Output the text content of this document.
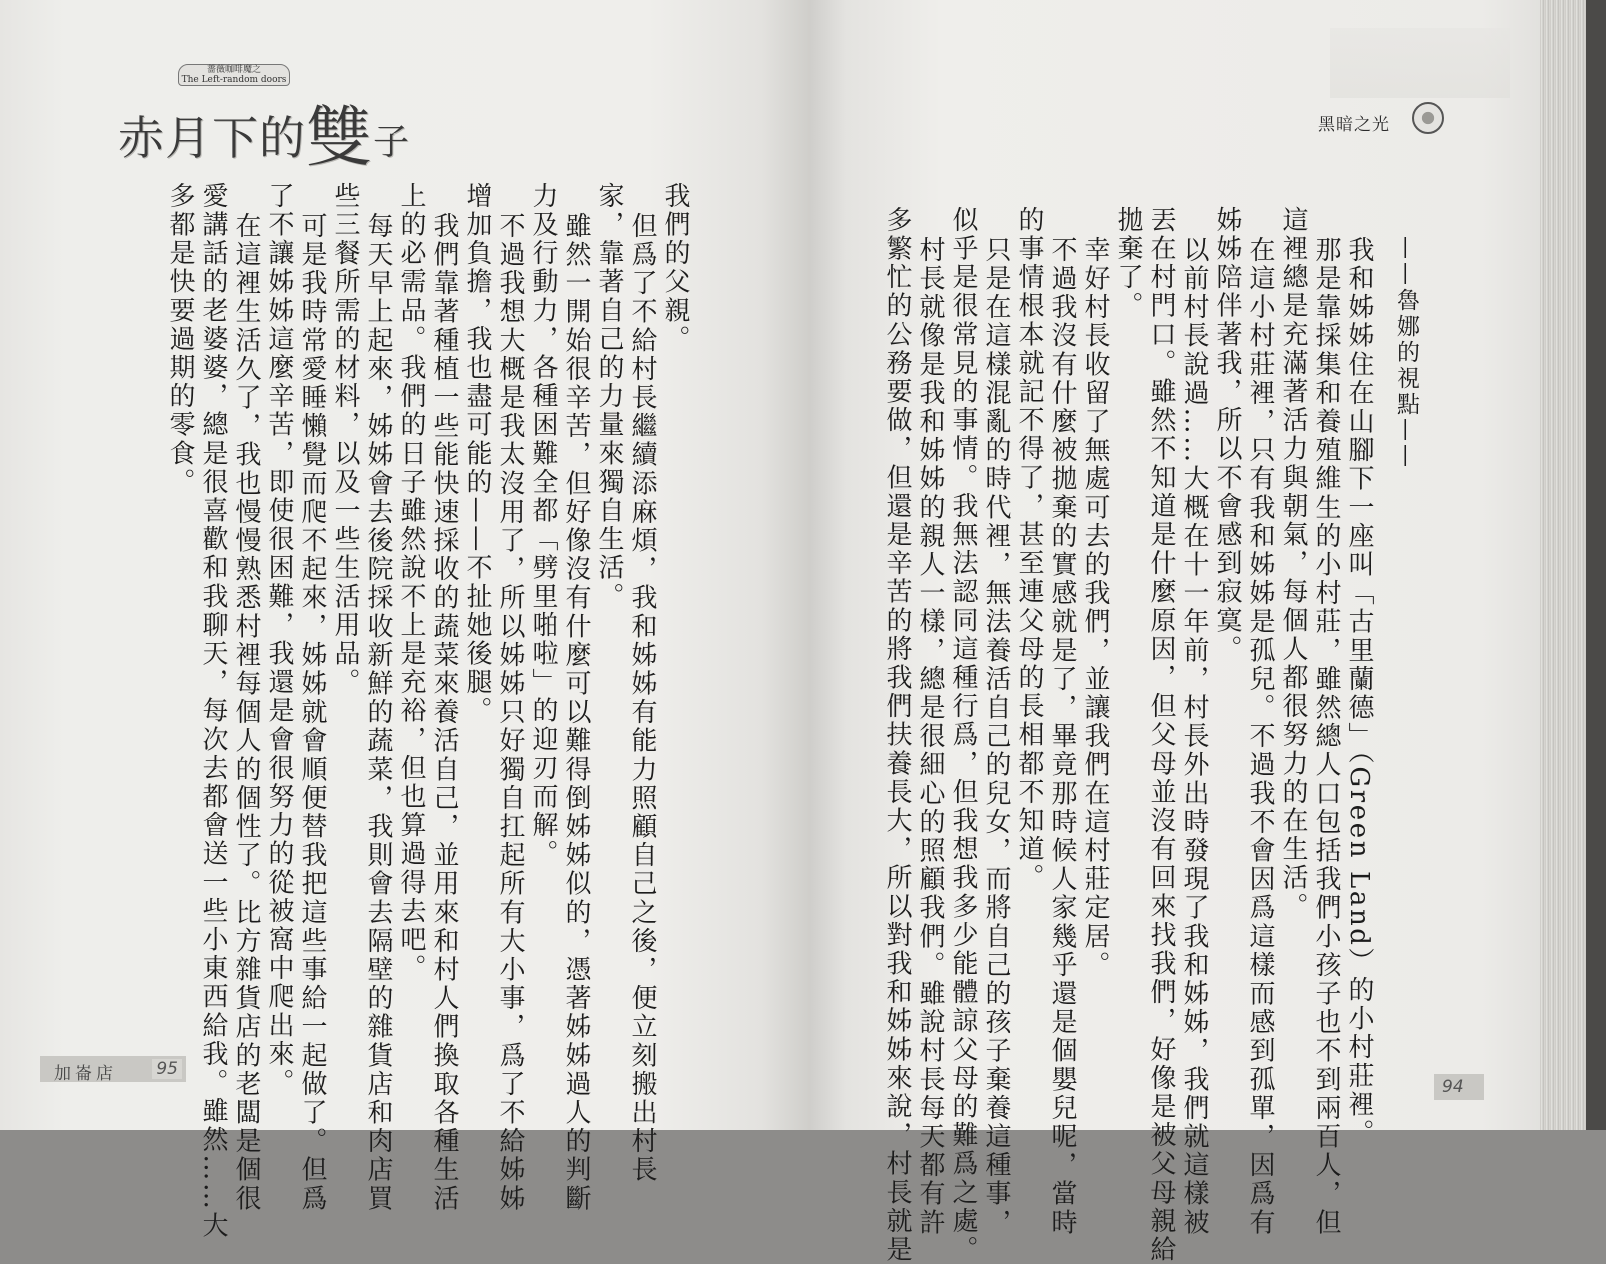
薔薇咖啡魔之
The Left-random doors
赤月下的雙子	黑暗之光
——魯娜的視點——
我和姊姊住在山腳下一座叫「古里蘭德」（Green Land）的小村莊裡。
那是靠採集和養殖維生的小村莊，雖然總人口包括我們小孩子也不到兩百人，但
這裡總是充滿著活力與朝氣，每個人都很努力的在生活。
在這小村莊裡，只有我和姊姊是孤兒。不過我不會因爲這樣而感到孤單，因爲有
姊姊陪伴著我，所以不會感到寂寞。
以前村長說過……大概在十一年前，村長外出時發現了我和姊姊，我們就這樣被
丟在村門口。雖然不知道是什麼原因，但父母並沒有回來找我們，好像是被父母親給
拋棄了。
幸好村長收留了無處可去的我們，並讓我們在這村莊定居。
不過我沒有什麼被拋棄的實感就是了，畢竟那時候人家幾乎還是個嬰兒呢，當時
的事情根本就記不得了，甚至連父母的長相都不知道。
只是在這樣混亂的時代裡，無法養活自己的兒女，而將自己的孩子棄養這種事，
似乎是很常見的事情。我無法認同這種行爲，但我想我多少能體諒父母的難爲之處。
村長就像是我和姊姊的親人一樣，總是很細心的照顧我們。雖說村長每天都有許
多繁忙的公務要做，但還是辛苦的將我們扶養長大，所以對我和姊姊來說，村長就是
我們的父親。
但爲了不給村長繼續添麻煩，我和姊姊有能力照顧自己之後，便立刻搬出村長
家，靠著自己的力量來獨自生活。
雖然一開始很辛苦，但好像沒有什麼可以難得倒姊姊似的，憑著姊姊過人的判斷
力及行動力，各種困難全都「劈里啪啦」的迎刃而解。
不過我想大概是我太沒用了，所以姊姊只好獨自扛起所有大小事，爲了不給姊姊
增加負擔，我也盡可能的——不扯她後腿。
我們靠著種植一些能快速採收的蔬菜來養活自己，並用來和村人們換取各種生活
上的必需品。我們的日子雖然說不上是充裕，但也算過得去吧。
每天早上起來，姊姊會去後院採收新鮮的蔬菜，我則會去隔壁的雜貨店和肉店買
些三餐所需的材料，以及一些生活用品。
可是我時常愛睡懶覺而爬不起來，姊姊就會順便替我把這些事給一起做了。但爲
了不讓姊姊這麼辛苦，即使很困難，我還是會很努力的從被窩中爬出來。
在這裡生活久了，我也慢慢熟悉村裡每個人的個性了。比方雜貨店的老闆是個很
愛講話的老婆婆，總是很喜歡和我聊天，每次去都會送一些小東西給我。雖然……大
多都是快要過期的零食。
加崙店 95
94
